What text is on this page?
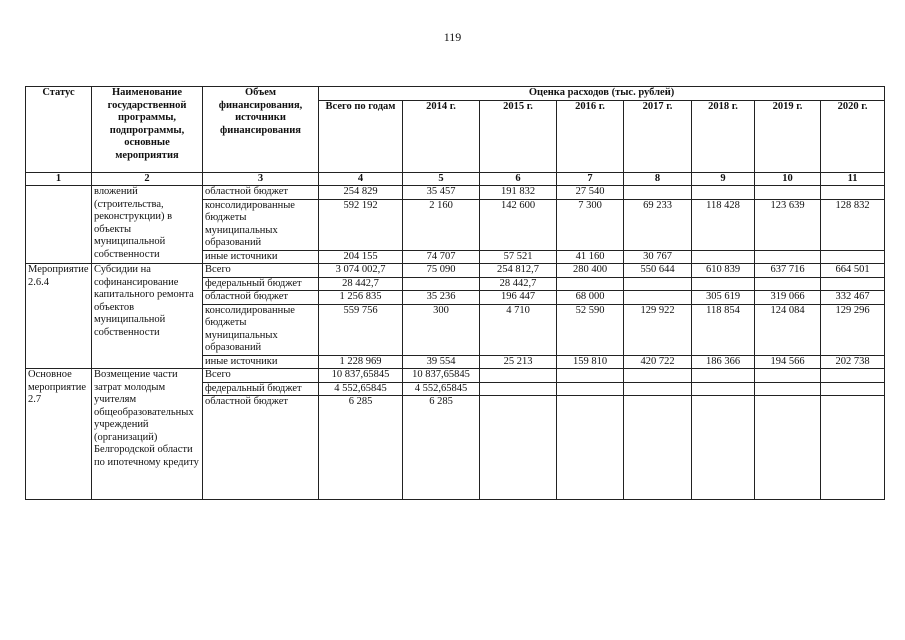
119
Статус	Наименование государственной программы, подпрограммы, основные мероприятия	Объем финансирования, источники финансирования	Оценка расходов (тыс. рублей)							
			Всего по годам	2014 г.	2015 г.	2016 г.	2017 г.	2018 г.	2019 г.	2020 г.
1	2	3	4	5	6	7	8	9	10	11
	вложений (строительства, реконструкции) в объекты муниципальной собственности	областной бюджет	254 829	35 457	191 832	27 540				
		консолидированные бюджеты муниципальных образований	592 192	2 160	142 600	7 300	69 233	118 428	123 639	128 832
		иные источники	204 155	74 707	57 521	41 160	30 767			
Мероприятие 2.6.4	Субсидии на софинансирование капитального ремонта объектов муниципальной собственности	Всего	3 074 002,7	75 090	254 812,7	280 400	550 644	610 839	637 716	664 501
		федеральный бюджет	28 442,7		28 442,7					
		областной бюджет	1 256 835	35 236	196 447	68 000		305 619	319 066	332 467
		консолидированные бюджеты муниципальных образований	559 756	300	4 710	52 590	129 922	118 854	124 084	129 296
		иные источники	1 228 969	39 554	25 213	159 810	420 722	186 366	194 566	202 738
Основное мероприятие 2.7	Возмещение части затрат молодым учителям общеобразовательных учреждений (организаций) Белгородской области по ипотечному кредиту	Всего	10 837,65845	10 837,65845						
		федеральный бюджет	4 552,65845	4 552,65845						
		областной бюджет	6 285	6 285						
